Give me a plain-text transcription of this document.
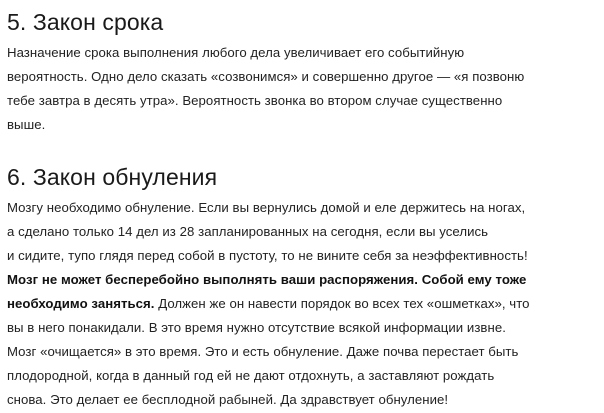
5. Закон срока
Назначение срока выполнения любого дела увеличивает его событийную
вероятность. Одно дело сказать «созвонимся» и совершенно другое — «я позвоню
тебе завтра в десять утра». Вероятность звонка во втором случае существенно
выше.
6. Закон обнуления
Мозгу необходимо обнуление. Если вы вернулись домой и еле держитесь на ногах,
а сделано только 14 дел из 28 запланированных на сегодня, если вы уселись
и сидите, тупо глядя перед собой в пустоту, то не вините себя за неэффективность!
Мозг не может бесперебойно выполнять ваши распоряжения. Собой ему тоже
необходимо заняться. Должен же он навести порядок во всех тех «ошметках», что
вы в него понакидали. В это время нужно отсутствие всякой информации извне.
Мозг «очищается» в это время. Это и есть обнуление. Даже почва перестает быть
плодородной, когда в данный год ей не дают отдохнуть, а заставляют рождать
снова. Это делает ее бесплодной рабыней. Да здравствует обнуление!
